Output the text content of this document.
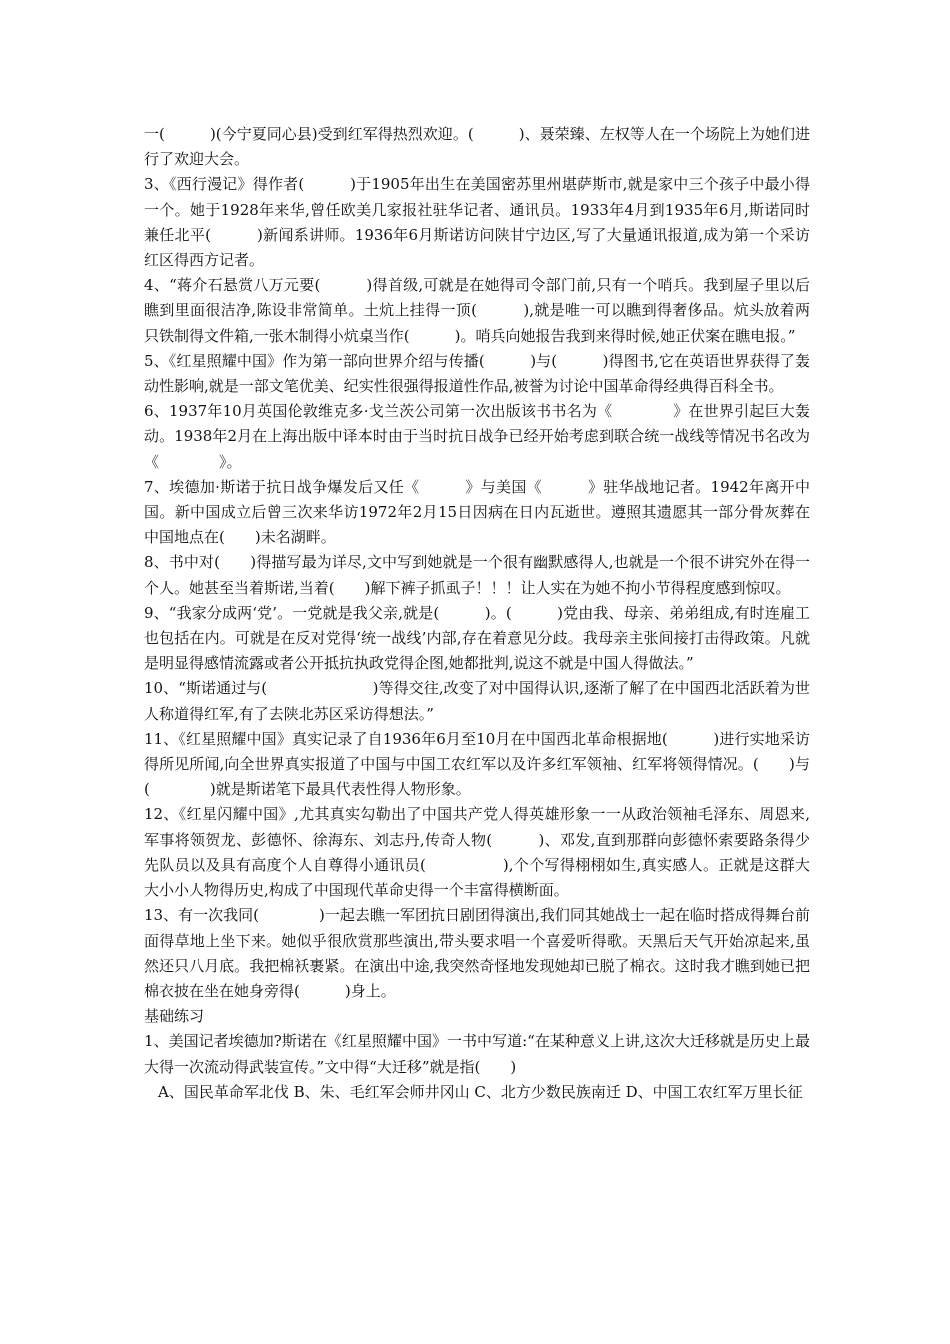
一(　　　)(今宁夏同心县)受到红军得热烈欢迎。(　　　)、聂荣臻、左权等人在一个场院上为她们进行了欢迎大会。

3、《西行漫记》得作者(　　　)于1905年出生在美国密苏里州堪萨斯市,就是家中三个孩子中最小得一个。她于1928年来华,曾任欧美几家报社驻华记者、通讯员。1933年4月到1935年6月,斯诺同时兼任北平(　　　)新闻系讲师。1936年6月斯诺访问陕甘宁边区,写了大量通讯报道,成为第一个采访红区得西方记者。

4、“蒋介石悬赏八万元要(　　　)得首级,可就是在她得司令部门前,只有一个哨兵。我到屋子里以后瞧到里面很洁净,陈设非常简单。土炕上挂得一顶(　　　),就是唯一可以瞧到得奢侈品。炕头放着两只铁制得文件箱,一张木制得小炕桌当作(　　　)。哨兵向她报告我到来得时候,她正伏案在瞧电报。”

5、《红星照耀中国》作为第一部向世界介绍与传播(　　　)与(　　　)得图书,它在英语世界获得了轰动性影响,就是一部文笔优美、纪实性很强得报道性作品,被誉为讨论中国革命得经典得百科全书。

6、1937年10月英国伦敦维克多·戈兰茨公司第一次出版该书书名为《　　　　》在世界引起巨大轰动。1938年2月在上海出版中译本时由于当时抗日战争已经开始考虑到联合统一战线等情况书名改为《　　　　》。

7、埃德加·斯诺于抗日战争爆发后又任《　　　》与美国《　　　》驻华战地记者。1942年离开中国。新中国成立后曾三次来华访1972年2月15日因病在日内瓦逝世。遵照其遗愿其一部分骨灰葬在中国地点在(　　)未名湖畔。

8、书中对(　　)得描写最为详尽,文中写到她就是一个很有幽默感得人,也就是一个很不讲究外在得一个人。她甚至当着斯诺,当着(　　)解下裤子抓虱子！！！让人实在为她不拘小节得程度感到惊叹。

9、“我家分成两‘党’。一党就是我父亲,就是(　　　)。(　　　)党由我、母亲、弟弟组成,有时连雇工也包括在内。可就是在反对党得‘统一战线’内部,存在着意见分歧。我母亲主张间接打击得政策。凡就是明显得感情流露或者公开抵抗执政党得企图,她都批判,说这不就是中国人得做法。”

10、“斯诺通过与(　　　　　　　)等得交往,改变了对中国得认识,逐渐了解了在中国西北活跃着为世人称道得红军,有了去陕北苏区采访得想法。”

11、《红星照耀中国》真实记录了自1936年6月至10月在中国西北革命根据地(　　　)进行实地采访得所见所闻,向全世界真实报道了中国与中国工农红军以及许多红军领袖、红军将领得情况。(　　)与(　　　　)就是斯诺笔下最具代表性得人物形象。

12、《红星闪耀中国》,尤其真实勾勒出了中国共产党人得英雄形象一一从政治领袖毛泽东、周恩来,军事将领贺龙、彭德怀、徐海东、刘志丹,传奇人物(　　　)、邓发,直到那群向彭德怀索要路条得少先队员以及具有高度个人自尊得小通讯员(　　　　　),个个写得栩栩如生,真实感人。正就是这群大大小小人物得历史,构成了中国现代革命史得一个丰富得横断面。

13、有一次我同(　　　　)一起去瞧一军团抗日剧团得演出,我们同其她战士一起在临时搭成得舞台前面得草地上坐下来。她似乎很欣赏那些演出,带头要求唱一个喜爱听得歌。天黑后天气开始凉起来,虽然还只八月底。我把棉袄裹紧。在演出中途,我突然奇怪地发现她却已脱了棉衣。这时我才瞧到她已把棉衣披在坐在她身旁得(　　　)身上。

基础练习

1、美国记者埃德加?斯诺在《红星照耀中国》一书中写道:“在某种意义上讲,这次大迁移就是历史上最大得一次流动得武装宣传。”文中得“大迁移”就是指(　　)

A、国民革命军北伐 B、朱、毛红军会师井冈山 C、北方少数民族南迁 D、中国工农红军万里长征
